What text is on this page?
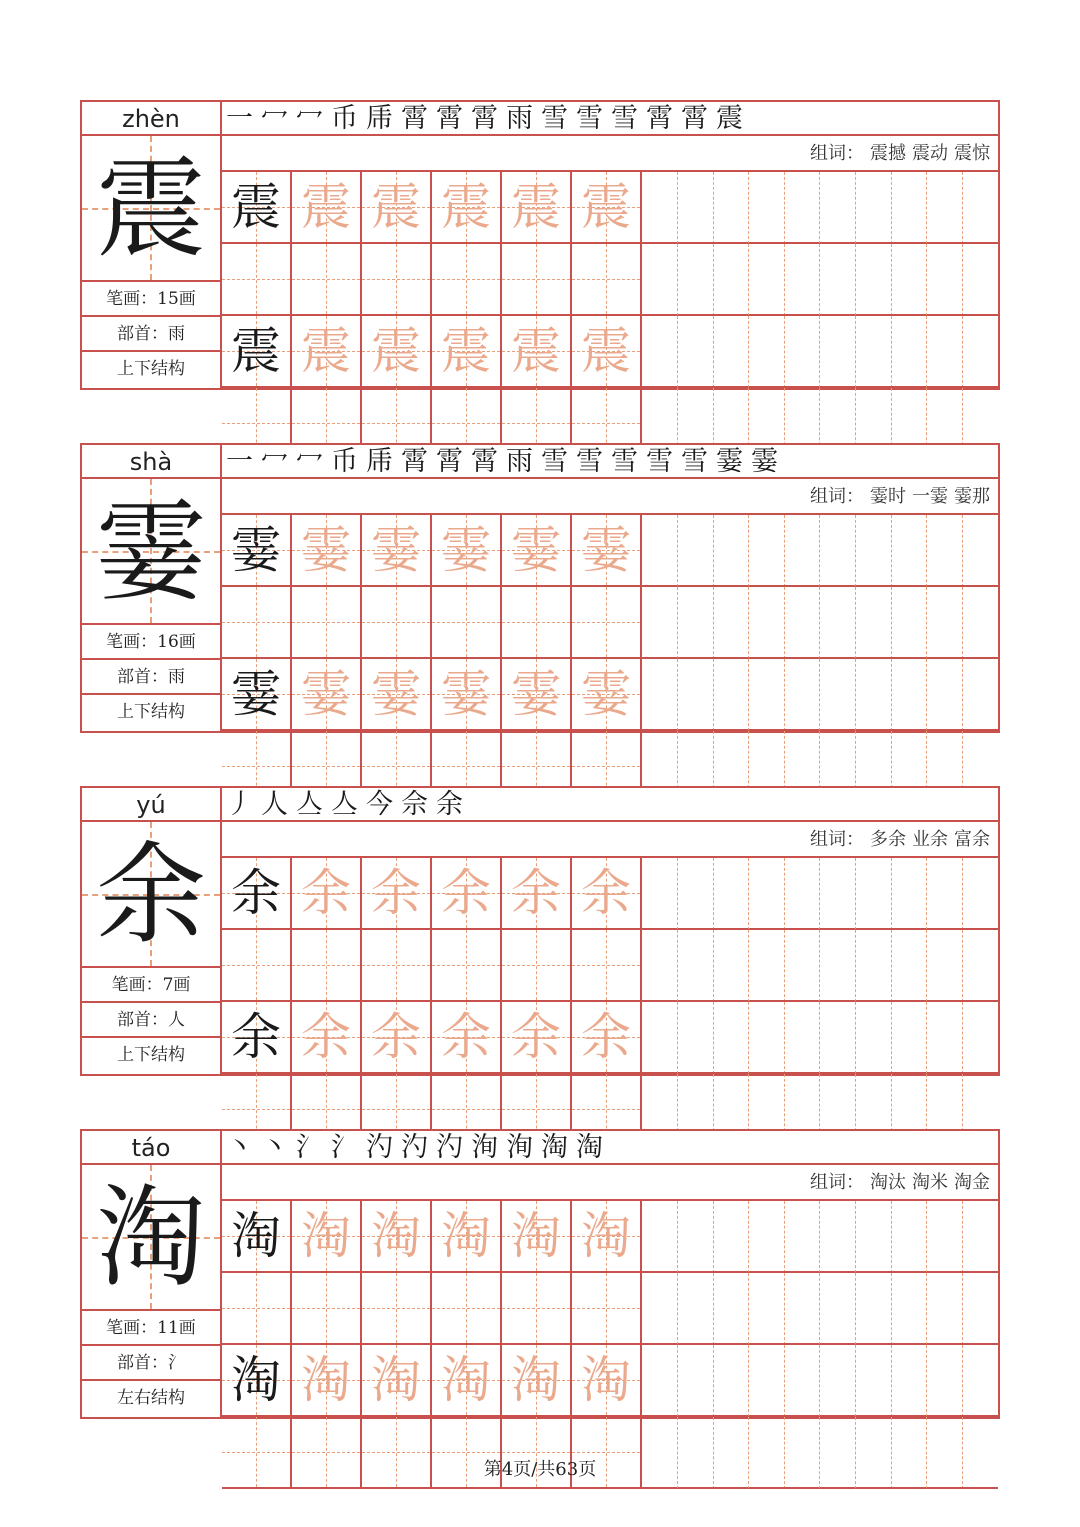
zhèn
震
笔画：15画
部首：雨
上下结构
一 冖 冖 币 乕 霄 霄 霄 雨 雪 雪 雪 霄 霄 震
组词： 震撼 震动 震惊
震 震 震 震 震 震
震 震 震 震 震 震
shà
霎
笔画：16画
部首：雨
上下结构
一 冖 冖 币 乕 霄 霄 霄 雨 雪 雪 雪 雪 雪 霎 霎
组词： 霎时 一霎 霎那
霎 霎 霎 霎 霎 霎
霎 霎 霎 霎 霎 霎
yú
余
笔画：7画
部首：人
上下结构
丿 人 亼 亼 今 佘 余
组词： 多余 业余 富余
余 余 余 余 余 余
余 余 余 余 余 余
táo
淘
笔画：11画
部首：氵
左右结构
丶 丶 氵 氵 汋 汋 汋 洵 洵 淘 淘
组词： 淘汰 淘米 淘金
淘 淘 淘 淘 淘 淘
淘 淘 淘 淘 淘 淘
第4页/共63页
